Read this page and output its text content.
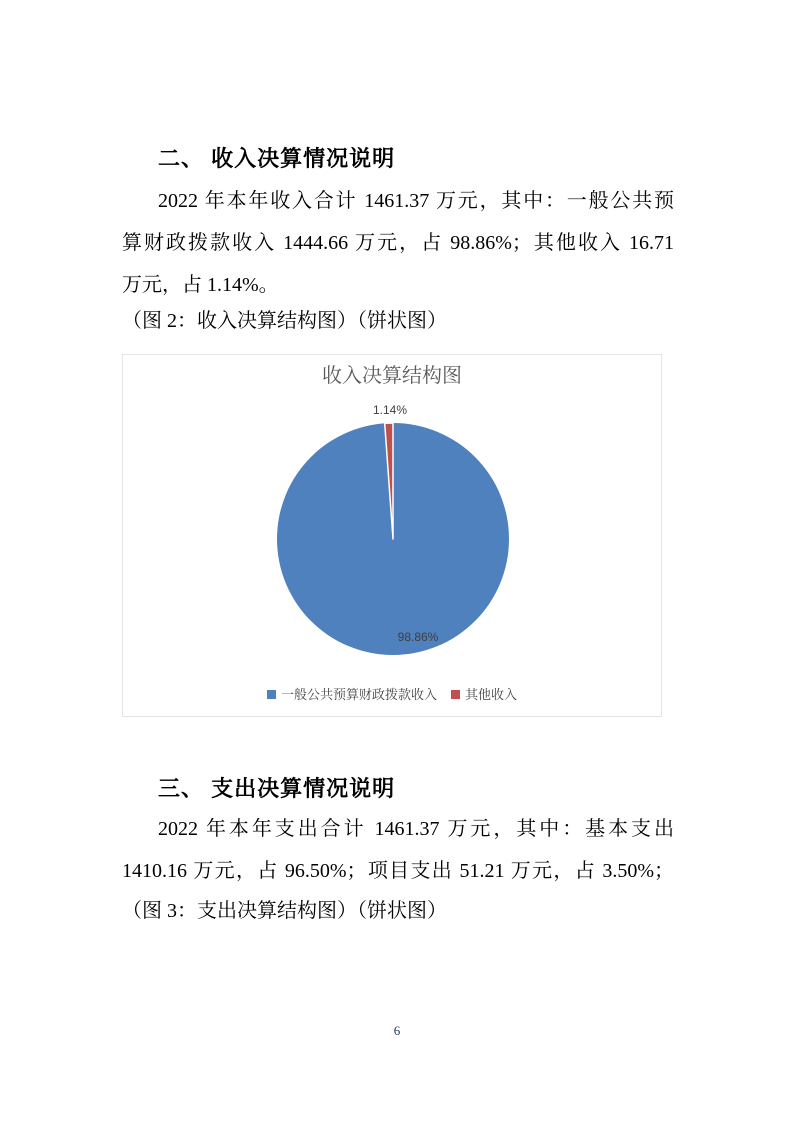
二、 收入决算情况说明
2022 年本年收入合计 1461.37 万元，其中：一般公共预
算财政拨款收入 1444.66 万元，占 98.86%；其他收入 16.71
万元，占 1.14%。
（图 2：收入决算结构图）（饼状图）
收入决算结构图
1.14%
98.86%
一般公共预算财政拨款收入 其他收入
三、 支出决算情况说明
2022 年本年支出合计 1461.37 万元，其中：基本支出
1410.16 万元，占 96.50%；项目支出 51.21 万元，占 3.50%；
（图 3：支出决算结构图）（饼状图）
6
